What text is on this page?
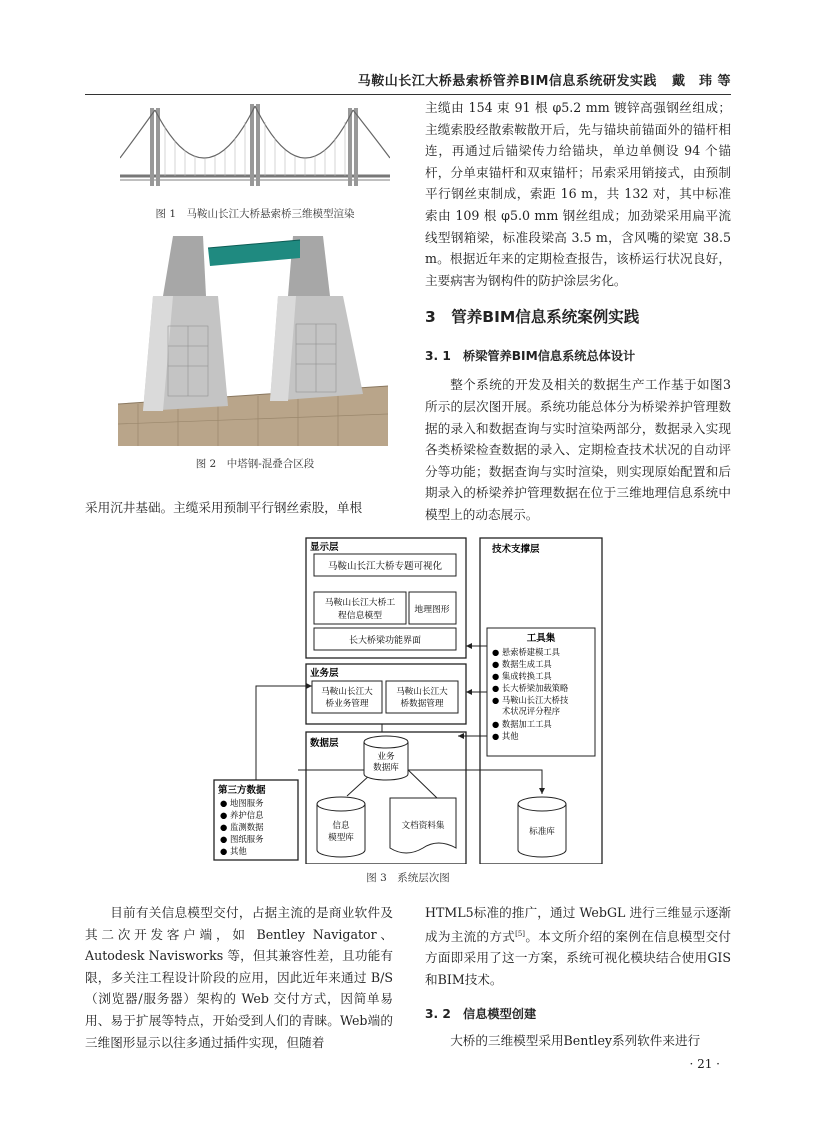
马鞍山长江大桥悬索桥管养BIM信息系统研发实践 戴　玮 等
图 1　马鞍山长江大桥悬索桥三维模型渲染
图 2　中塔钢-混叠合区段

采用沉井基础。主缆采用预制平行钢丝索股，单根

主缆由 154 束 91 根 φ5.2 mm 镀锌高强钢丝组成；主缆索股经散索鞍散开后，先与锚块前锚面外的锚杆相连，再通过后锚梁传力给锚块，单边单侧设 94 个锚杆，分单束锚杆和双束锚杆；吊索采用销接式，由预制平行钢丝束制成，索距 16 m，共 132 对，其中标准索由 109 根 φ5.0 mm 钢丝组成；加劲梁采用扁平流线型钢箱梁，标准段梁高 3.5 m，含风嘴的梁宽 38.5 m。根据近年来的定期检查报告，该桥运行状况良好，主要病害为钢构件的防护涂层劣化。

3　管养BIM信息系统案例实践
3. 1　桥梁管养BIM信息系统总体设计

整个系统的开发及相关的数据生产工作基于如图3所示的层次图开展。系统功能总体分为桥梁养护管理数据的录入和数据查询与实时渲染两部分，数据录入实现各类桥梁检查数据的录入、定期检查技术状况的自动评分等功能；数据查询与实时渲染，则实现原始配置和后期录入的桥梁养护管理数据在位于三维地理信息系统中模型上的动态展示。

显示层	技术支撑层
马鞍山长江大桥专题可视化
马鞍山长江大桥工
程信息模型
地理图形
长大桥梁功能界面
业务层
马鞍山长江大
桥业务管理
马鞍山长江大
桥数据管理
数据层
业务
数据库
信息
模型库
文档资料集
标准库
工具集
● 悬索桥建模工具
● 数据生成工具
● 集成转换工具
● 长大桥梁加载策略
● 马鞍山长江大桥技
术状况评分程序
● 数据加工工具
● 其他
第三方数据
● 地图服务
● 养护信息
● 监测数据
● 图纸服务
● 其他
图 3　系统层次图

目前有关信息模型交付，占据主流的是商业软件及其二次开发客户端，如 Bentley Navigator、Autodesk Navisworks 等，但其兼容性差，且功能有限，多关注工程设计阶段的应用，因此近年来通过 B/S（浏览器/服务器）架构的 Web 交付方式，因简单易用、易于扩展等特点，开始受到人们的青睐。Web端的三维图形显示以往多通过插件实现，但随着

HTML5标准的推广，通过 WebGL 进行三维显示逐渐成为主流的方式[5]。本文所介绍的案例在信息模型交付方面即采用了这一方案，系统可视化模块结合使用GIS和BIM技术。

3. 2　信息模型创建

大桥的三维模型采用Bentley系列软件来进行

· 21 ·
